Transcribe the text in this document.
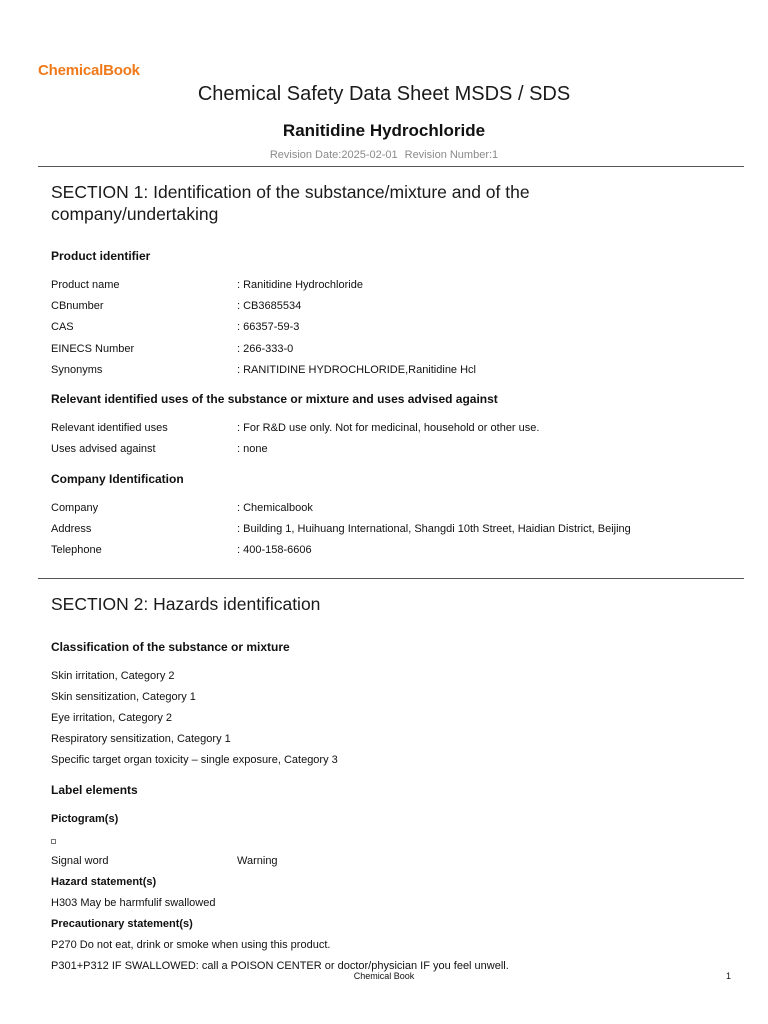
ChemicalBook
Chemical Safety Data Sheet MSDS / SDS
Ranitidine Hydrochloride
Revision Date:2025-02-01 Revision Number:1
SECTION 1: Identification of the substance/mixture and of the
company/undertaking
Product identifier
Product name	: Ranitidine Hydrochloride
CBnumber	: CB3685534
CAS	: 66357-59-3
EINECS Number	: 266-333-0
Synonyms	: RANITIDINE HYDROCHLORIDE,Ranitidine Hcl
Relevant identified uses of the substance or mixture and uses advised against
Relevant identified uses	: For R&D use only. Not for medicinal, household or other use.
Uses advised against	: none
Company Identification
Company	: Chemicalbook
Address	: Building 1, Huihuang International, Shangdi 10th Street, Haidian District, Beijing
Telephone	: 400-158-6606
SECTION 2: Hazards identification
Classification of the substance or mixture
Skin irritation, Category 2
Skin sensitization, Category 1
Eye irritation, Category 2
Respiratory sensitization, Category 1
Specific target organ toxicity – single exposure, Category 3
Label elements
Pictogram(s)
Signal word	Warning
Hazard statement(s)
H303 May be harmfulif swallowed
Precautionary statement(s)
P270 Do not eat, drink or smoke when using this product.
P301+P312 IF SWALLOWED: call a POISON CENTER or doctor/physician IF you feel unwell.
Chemical Book	1
